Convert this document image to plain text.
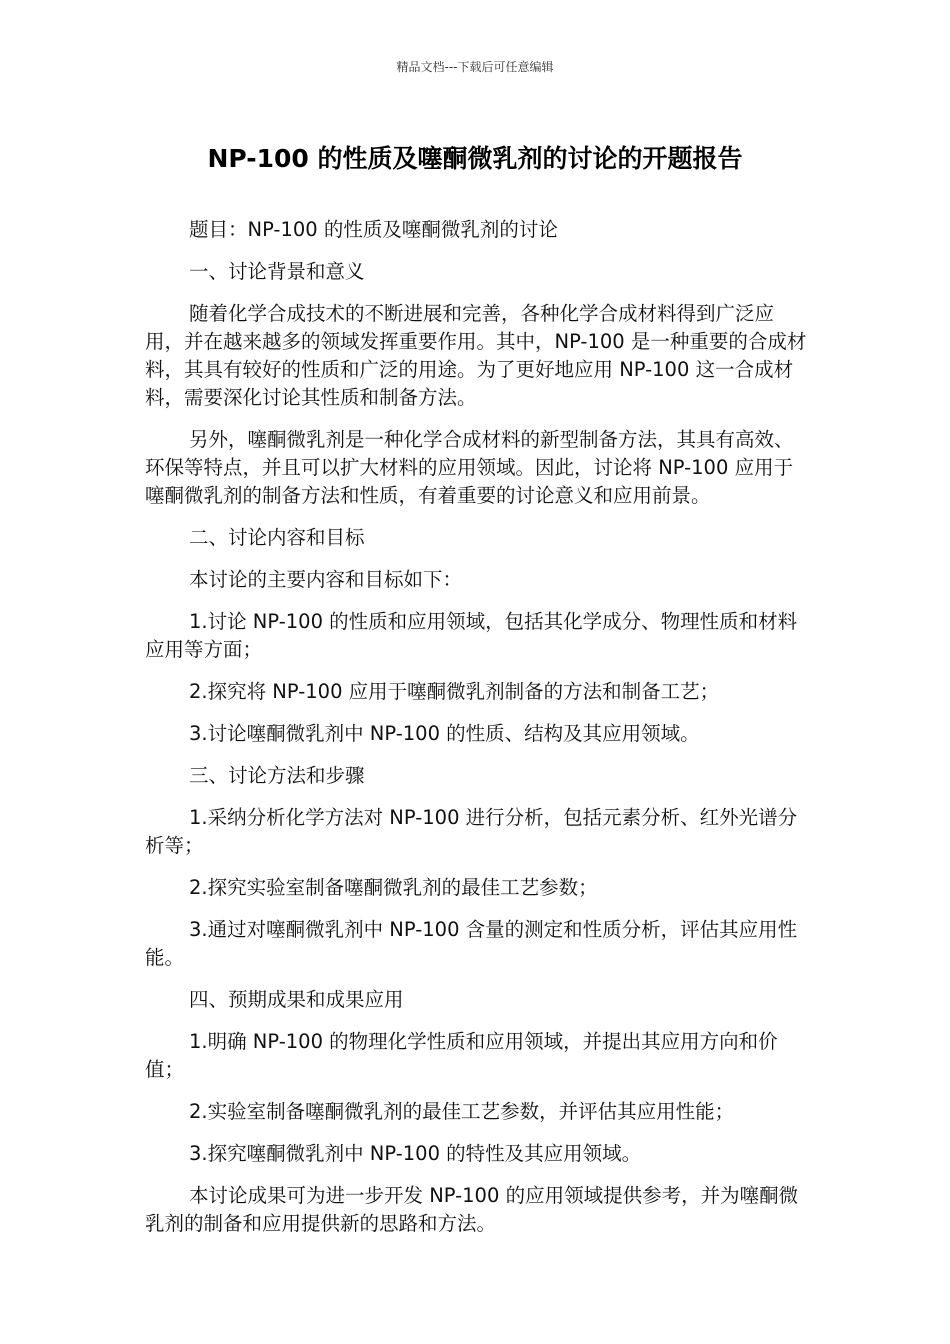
精品文档---下载后可任意编辑
NP-100 的性质及噻酮微乳剂的讨论的开题报告

题目：NP-100 的性质及噻酮微乳剂的讨论

一、讨论背景和意义

随着化学合成技术的不断进展和完善，各种化学合成材料得到广泛应用，并在越来越多的领域发挥重要作用。其中，NP-100 是一种重要的合成材料，其具有较好的性质和广泛的用途。为了更好地应用 NP-100 这一合成材料，需要深化讨论其性质和制备方法。

另外，噻酮微乳剂是一种化学合成材料的新型制备方法，其具有高效、环保等特点，并且可以扩大材料的应用领域。因此，讨论将 NP-100 应用于噻酮微乳剂的制备方法和性质，有着重要的讨论意义和应用前景。

二、讨论内容和目标

本讨论的主要内容和目标如下：

1.讨论 NP-100 的性质和应用领域，包括其化学成分、物理性质和材料应用等方面；

2.探究将 NP-100 应用于噻酮微乳剂制备的方法和制备工艺；

3.讨论噻酮微乳剂中 NP-100 的性质、结构及其应用领域。

三、讨论方法和步骤

1.采纳分析化学方法对 NP-100 进行分析，包括元素分析、红外光谱分析等；

2.探究实验室制备噻酮微乳剂的最佳工艺参数；

3.通过对噻酮微乳剂中 NP-100 含量的测定和性质分析，评估其应用性能。

四、预期成果和成果应用

1.明确 NP-100 的物理化学性质和应用领域，并提出其应用方向和价值；

2.实验室制备噻酮微乳剂的最佳工艺参数，并评估其应用性能；

3.探究噻酮微乳剂中 NP-100 的特性及其应用领域。

本讨论成果可为进一步开发 NP-100 的应用领域提供参考，并为噻酮微乳剂的制备和应用提供新的思路和方法。
